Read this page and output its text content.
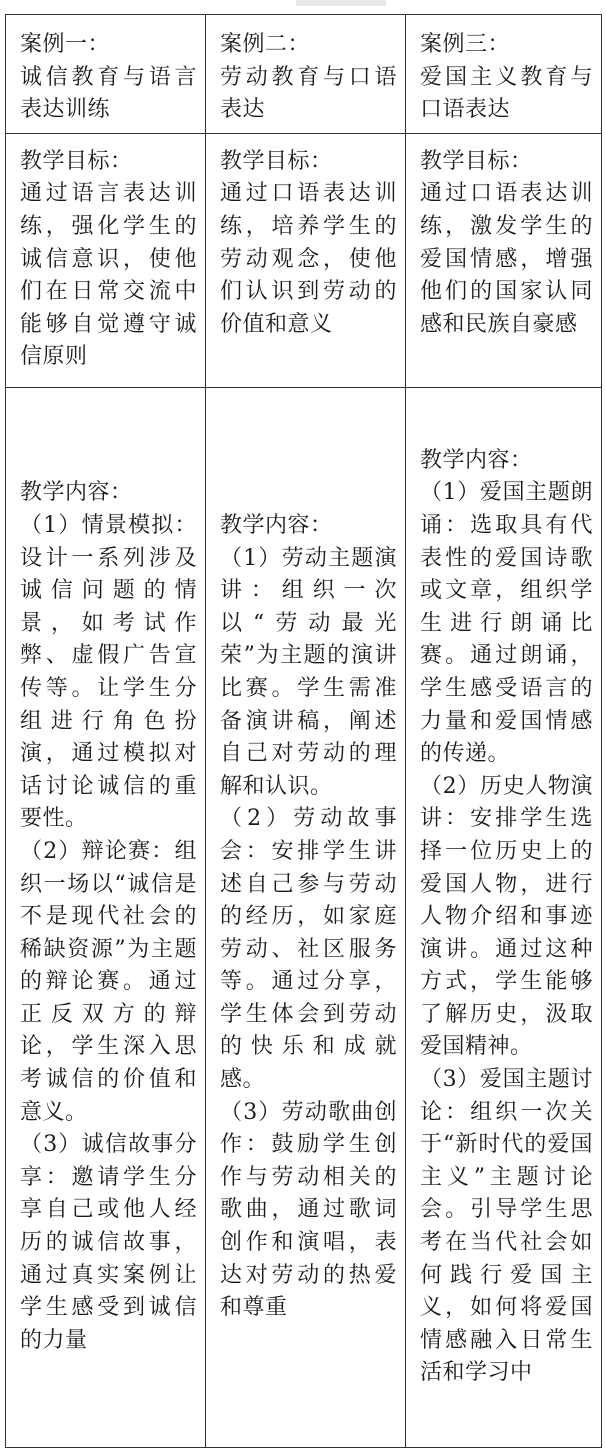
案例一：
诚信教育与语言表达训练	案例二：
劳动教育与口语表达	案例三：
爱国主义教育与口语表达

教学目标：
通过语言表达训练，强化学生的诚信意识，使他们在日常交流中能够自觉遵守诚信原则	教学目标：
通过口语表达训练，培养学生的劳动观念，使他们认识到劳动的价值和意义	教学目标：
通过口语表达训练，激发学生的爱国情感，增强他们的国家认同感和民族自豪感

教学内容：
（1）情景模拟：设计一系列涉及诚信问题的情景，如考试作弊、虚假广告宣传等。让学生分组进行角色扮演，通过模拟对话讨论诚信的重要性。
（2）辩论赛：组织一场以“诚信是不是现代社会的稀缺资源”为主题的辩论赛。通过正反双方的辩论，学生深入思考诚信的价值和意义。
（3）诚信故事分享：邀请学生分享自己或他人经历的诚信故事，通过真实案例让学生感受到诚信的力量	教学内容：
（1）劳动主题演讲：组织一次以“劳动最光荣”为主题的演讲比赛。学生需准备演讲稿，阐述自己对劳动的理解和认识。
（2）劳动故事会：安排学生讲述自己参与劳动的经历，如家庭劳动、社区服务等。通过分享，学生体会到劳动的快乐和成就感。
（3）劳动歌曲创作：鼓励学生创作与劳动相关的歌曲，通过歌词创作和演唱，表达对劳动的热爱和尊重	教学内容：
（1）爱国主题朗诵：选取具有代表性的爱国诗歌或文章，组织学生进行朗诵比赛。通过朗诵，学生感受语言的力量和爱国情感的传递。
（2）历史人物演讲：安排学生选择一位历史上的爱国人物，进行人物介绍和事迹演讲。通过这种方式，学生能够了解历史，汲取爱国精神。
（3）爱国主题讨论：组织一次关于“新时代的爱国主义”主题讨论会。引导学生思考在当代社会如何践行爱国主义，如何将爱国情感融入日常生活和学习中
